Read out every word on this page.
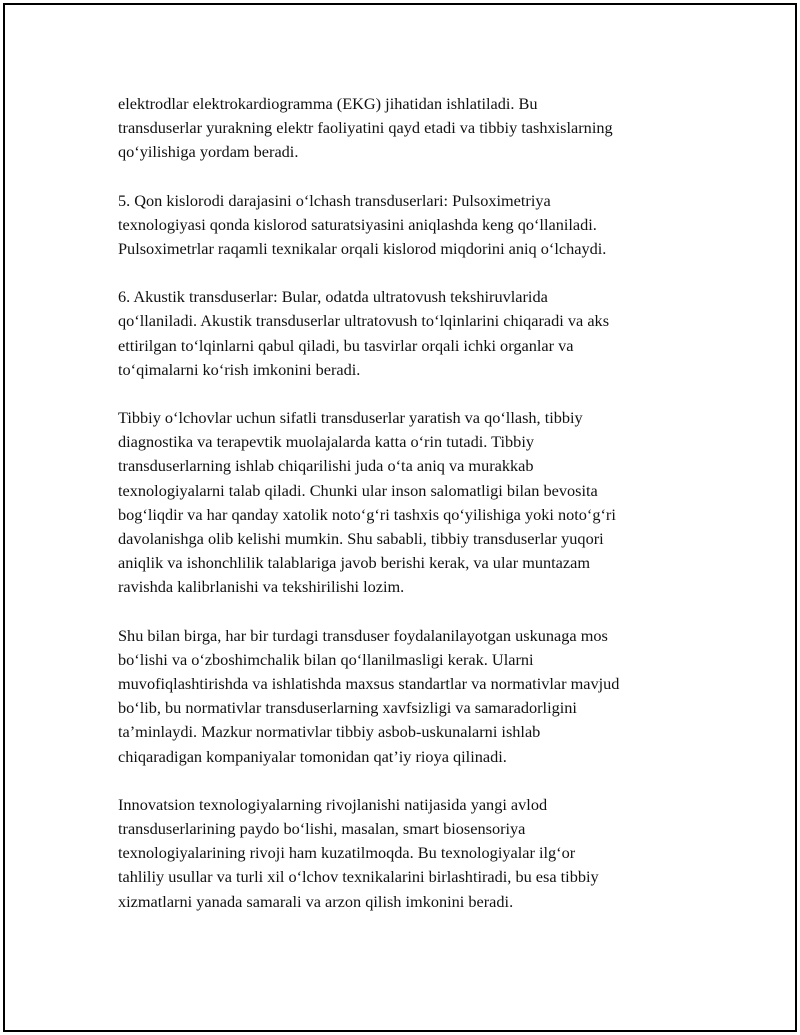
elektrodlar elektrokardiogramma (EKG) jihatidan ishlatiladi. Bu
transduserlar yurakning elektr faoliyatini qayd etadi va tibbiy tashxislarning
qo‘yilishiga yordam beradi.

5. Qon kislorodi darajasini o‘lchash transduserlari: Pulsoximetriya
texnologiyasi qonda kislorod saturatsiyasini aniqlashda keng qo‘llaniladi.
Pulsoximetrlar raqamli texnikalar orqali kislorod miqdorini aniq o‘lchaydi.

6. Akustik transduserlar: Bular, odatda ultratovush tekshiruvlarida
qo‘llaniladi. Akustik transduserlar ultratovush to‘lqinlarini chiqaradi va aks
ettirilgan to‘lqinlarni qabul qiladi, bu tasvirlar orqali ichki organlar va
to‘qimalarni ko‘rish imkonini beradi.

Tibbiy o‘lchovlar uchun sifatli transduserlar yaratish va qo‘llash, tibbiy
diagnostika va terapevtik muolajalarda katta o‘rin tutadi. Tibbiy
transduserlarning ishlab chiqarilishi juda o‘ta aniq va murakkab
texnologiyalarni talab qiladi. Chunki ular inson salomatligi bilan bevosita
bog‘liqdir va har qanday xatolik noto‘g‘ri tashxis qo‘yilishiga yoki noto‘g‘ri
davolanishga olib kelishi mumkin. Shu sababli, tibbiy transduserlar yuqori
aniqlik va ishonchlilik talablariga javob berishi kerak, va ular muntazam
ravishda kalibrlanishi va tekshirilishi lozim.

Shu bilan birga, har bir turdagi transduser foydalanilayotgan uskunaga mos
bo‘lishi va o‘zboshimchalik bilan qo‘llanilmasligi kerak. Ularni
muvofiqlashtirishda va ishlatishda maxsus standartlar va normativlar mavjud
bo‘lib, bu normativlar transduserlarning xavfsizligi va samaradorligini
ta’minlaydi. Mazkur normativlar tibbiy asbob-uskunalarni ishlab
chiqaradigan kompaniyalar tomonidan qat’iy rioya qilinadi.

Innovatsion texnologiyalarning rivojlanishi natijasida yangi avlod
transduserlarining paydo bo‘lishi, masalan, smart biosensoriya
texnologiyalarining rivoji ham kuzatilmoqda. Bu texnologiyalar ilg‘or
tahliliy usullar va turli xil o‘lchov texnikalarini birlashtiradi, bu esa tibbiy
xizmatlarni yanada samarali va arzon qilish imkonini beradi.
